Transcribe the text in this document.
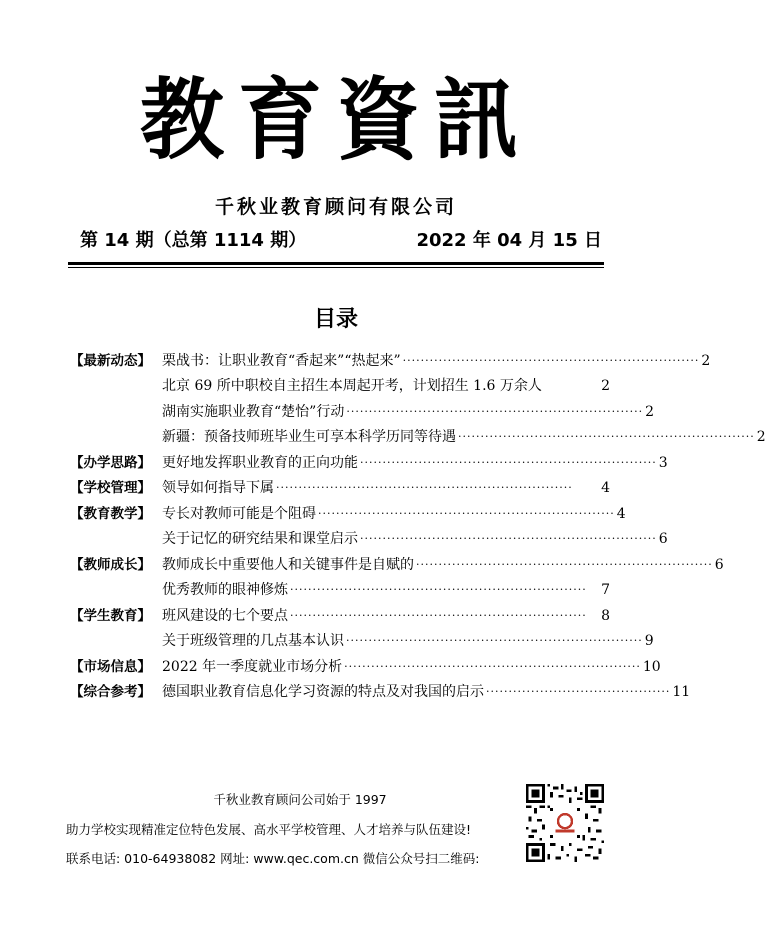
教育資訊
千秋业教育顾问有限公司
第 14 期（总第 1114 期）	2022 年 04 月 15 日
目录
【最新动态】 栗战书：让职业教育“香起来”“热起来” ·································································· 2
北京 69 所中职校自主招生本周起开考，计划招生 1.6 万余人	2
湖南实施职业教育“楚怡”行动 ·································································· 2
新疆：预备技师班毕业生可享本科学历同等待遇 ·································································· 2
【办学思路】 更好地发挥职业教育的正向功能 ·································································· 3
【学校管理】 领导如何指导下属 ··································································	4
【教育教学】 专长对教师可能是个阻碍 ·································································· 4
关于记忆的研究结果和课堂启示 ·································································· 6
【教师成长】 教师成长中重要他人和关键事件是自赋的 ·································································· 6
优秀教师的眼神修炼 ··································································	7
【学生教育】 班风建设的七个要点 ··································································	8
关于班级管理的几点基本认识 ·································································· 9
【市场信息】 2022 年一季度就业市场分析 ·································································· 10
【综合参考】 德国职业教育信息化学习资源的特点及对我国的启示 ········································· 11
千秋业教育顾问公司始于 1997
助力学校实现精准定位特色发展、高水平学校管理、人才培养与队伍建设!
联系电话: 010-64938082 网址: www.qec.com.cn 微信公众号扫二维码:
